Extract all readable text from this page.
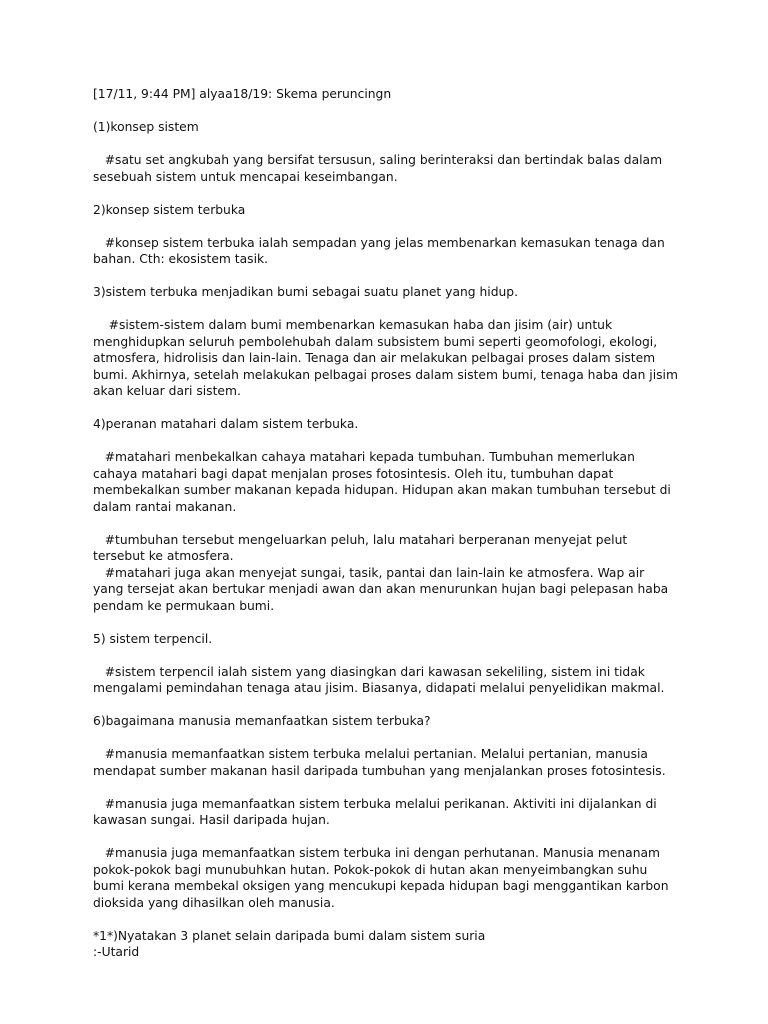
[17/11, 9:44 PM] alyaa18/19: Skema peruncingn

(1)konsep sistem

#satu set angkubah yang bersifat tersusun, saling berinteraksi dan bertindak balas dalam sesebuah sistem untuk mencapai keseimbangan.

2)konsep sistem terbuka

#konsep sistem terbuka ialah sempadan yang jelas membenarkan kemasukan tenaga dan bahan. Cth: ekosistem tasik.

3)sistem terbuka menjadikan bumi sebagai suatu planet yang hidup.

#sistem-sistem dalam bumi membenarkan kemasukan haba dan jisim (air) untuk menghidupkan seluruh pembolehubah dalam subsistem bumi seperti geomofologi, ekologi, atmosfera, hidrolisis dan lain-lain. Tenaga dan air melakukan pelbagai proses dalam sistem bumi. Akhirnya, setelah melakukan pelbagai proses dalam sistem bumi, tenaga haba dan jisim akan keluar dari sistem.

4)peranan matahari dalam sistem terbuka.

#matahari menbekalkan cahaya matahari kepada tumbuhan. Tumbuhan memerlukan cahaya matahari bagi dapat menjalan proses fotosintesis. Oleh itu, tumbuhan dapat membekalkan sumber makanan kepada hidupan. Hidupan akan makan tumbuhan tersebut di dalam rantai makanan.

#tumbuhan tersebut mengeluarkan peluh, lalu matahari berperanan menyejat pelut tersebut ke atmosfera.

#matahari juga akan menyejat sungai, tasik, pantai dan lain-lain ke atmosfera. Wap air yang tersejat akan bertukar menjadi awan dan akan menurunkan hujan bagi pelepasan haba pendam ke permukaan bumi.

5) sistem terpencil.

#sistem terpencil ialah sistem yang diasingkan dari kawasan sekeliling, sistem ini tidak mengalami pemindahan tenaga atau jisim. Biasanya, didapati melalui penyelidikan makmal.

6)bagaimana manusia memanfaatkan sistem terbuka?

#manusia memanfaatkan sistem terbuka melalui pertanian. Melalui pertanian, manusia mendapat sumber makanan hasil daripada tumbuhan yang menjalankan proses fotosintesis.

#manusia juga memanfaatkan sistem terbuka melalui perikanan. Aktiviti ini dijalankan di kawasan sungai. Hasil daripada hujan.

#manusia juga memanfaatkan sistem terbuka ini dengan perhutanan. Manusia menanam pokok-pokok bagi munubuhkan hutan. Pokok-pokok di hutan akan menyeimbangkan suhu bumi kerana membekal oksigen yang mencukupi kepada hidupan bagi menggantikan karbon dioksida yang dihasilkan oleh manusia.

*1*)Nyatakan 3 planet selain daripada bumi dalam sistem suria

:-Utarid
